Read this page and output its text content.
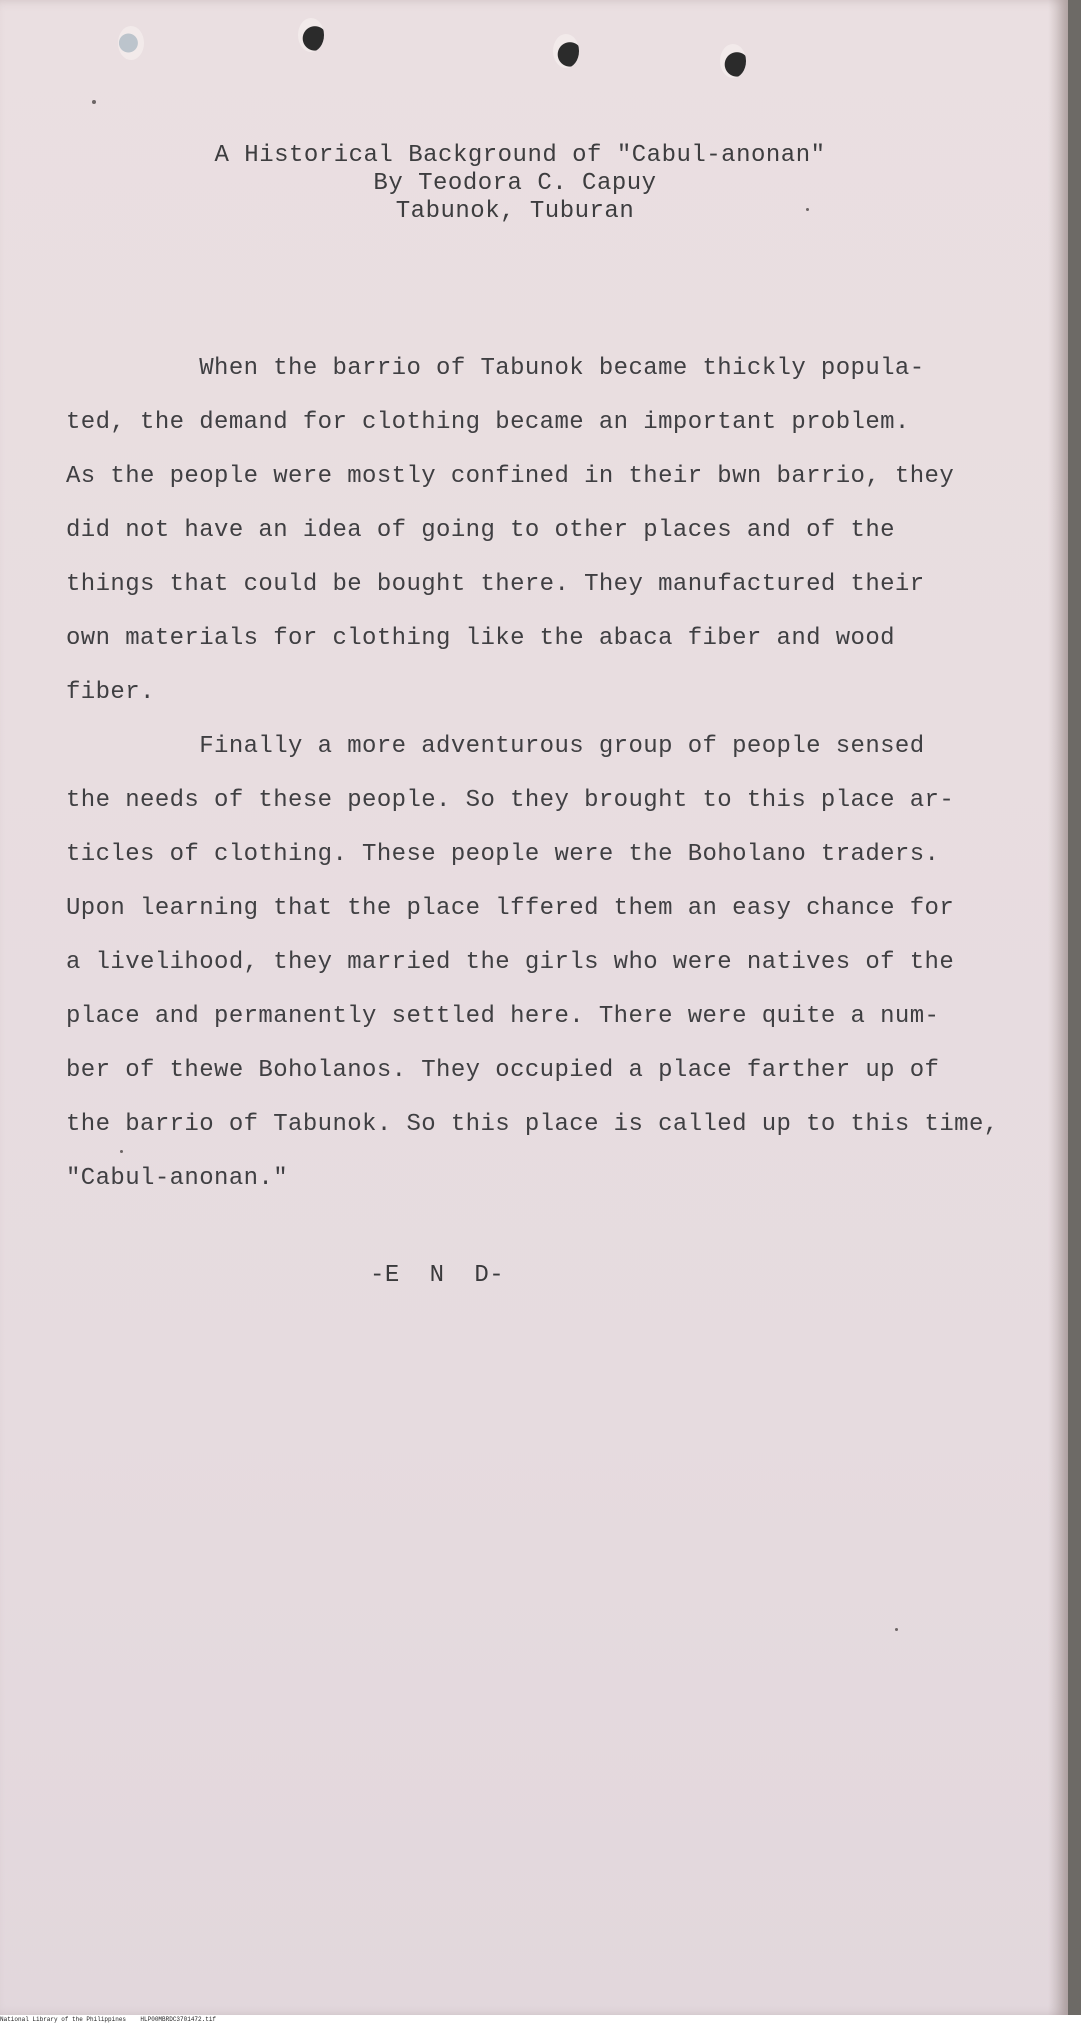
A Historical Background of "Cabul-anonan"
By Teodora C. Capuy
Tabunok, Tuburan
When the barrio of Tabunok became thickly popula-
ted, the demand for clothing became an important problem.
As the people were mostly confined in their bwn barrio, they
did not have an idea of going to other places and of the
things that could be bought there. They manufactured their
own materials for clothing like the abaca fiber and wood
fiber.
Finally a more adventurous group of people sensed
the needs of these people. So they brought to this place ar-
ticles of clothing. These people were the Boholano traders.
Upon learning that the place lffered them an easy chance for
a livelihood, they married the girls who were natives of the
place and permanently settled here. There were quite a num-
ber of thewe Boholanos. They occupied a place farther up of
the barrio of Tabunok. So this place is called up to this time,
"Cabul-anonan."
-E  N  D-
National Library of the Philippines    HLP00MBRDC3701472.tif
